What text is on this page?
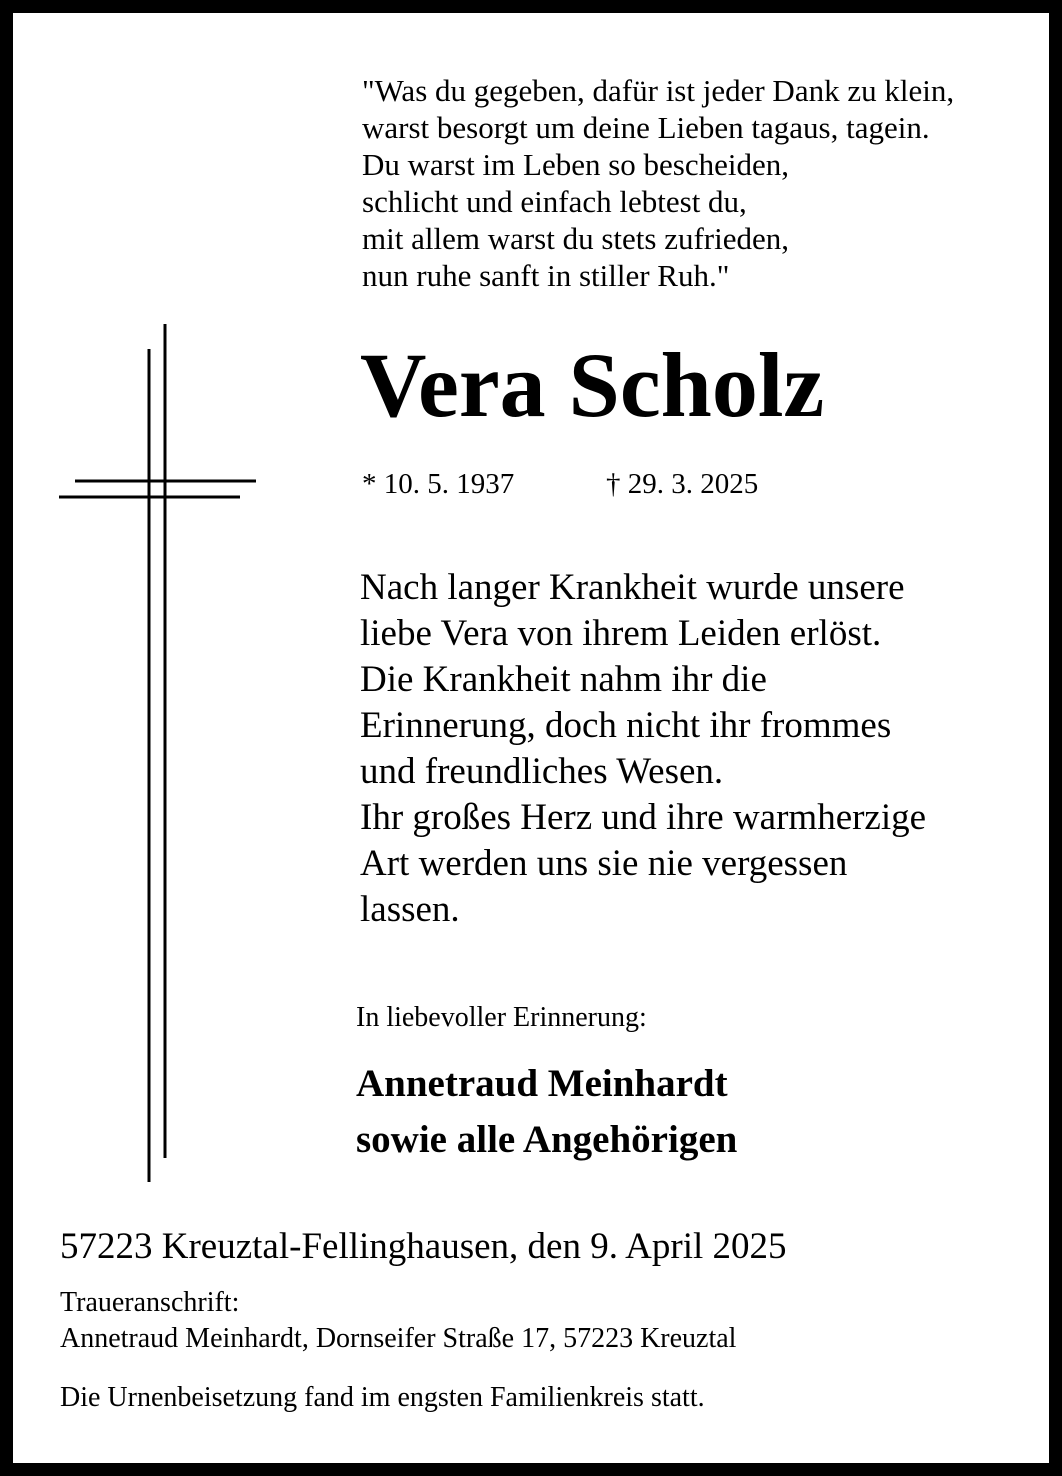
"Was du gegeben, dafür ist jeder Dank zu klein,
warst besorgt um deine Lieben tagaus, tagein.
Du warst im Leben so bescheiden,
schlicht und einfach lebtest du,
mit allem warst du stets zufrieden,
nun ruhe sanft in stiller Ruh."
Vera Scholz
* 10. 5. 1937	† 29. 3. 2025
Nach langer Krankheit wurde unsere
liebe Vera von ihrem Leiden erlöst.
Die Krankheit nahm ihr die
Erinnerung, doch nicht ihr frommes
und freundliches Wesen.
Ihr großes Herz und ihre warmherzige
Art werden uns sie nie vergessen
lassen.
In liebevoller Erinnerung:
Annetraud Meinhardt
sowie alle Angehörigen
57223 Kreuztal-Fellinghausen, den 9. April 2025
Traueranschrift:
Annetraud Meinhardt, Dornseifer Straße 17, 57223 Kreuztal
Die Urnenbeisetzung fand im engsten Familienkreis statt.
